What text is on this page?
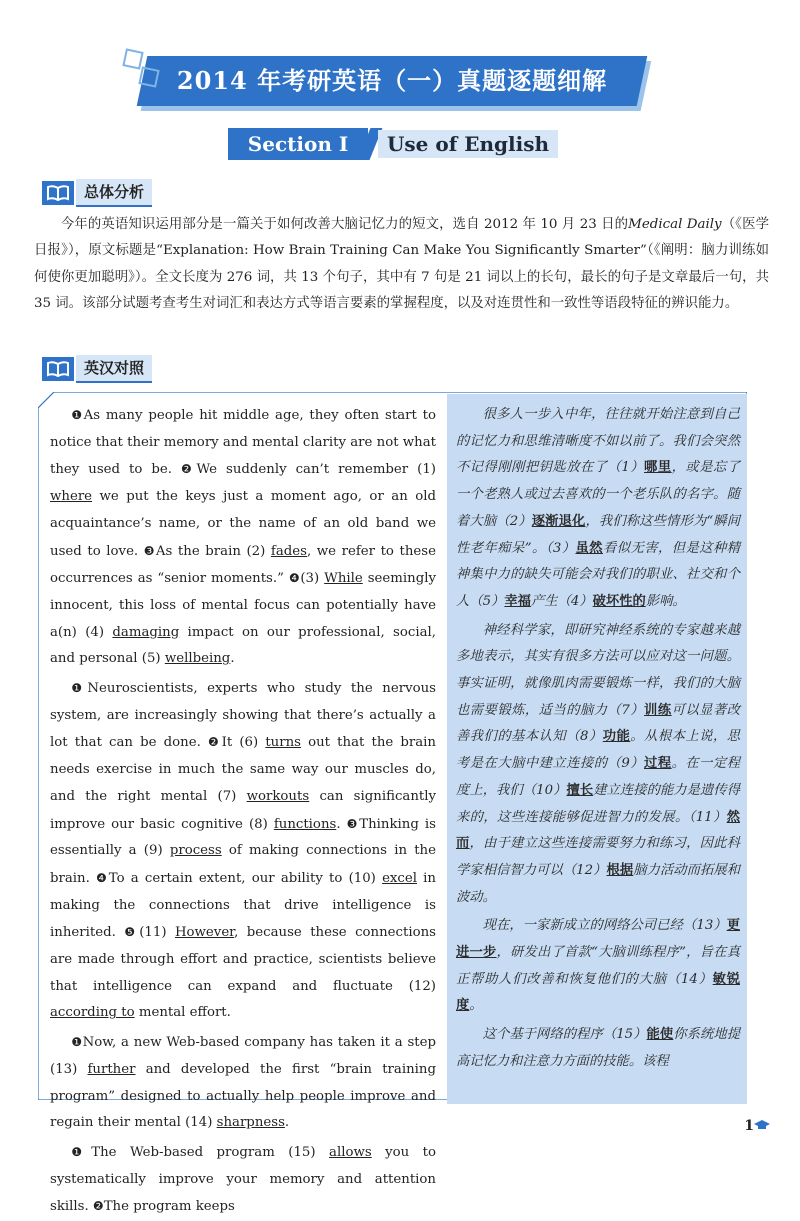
2014 年考研英语（一）真题逐题细解
Section Ⅰ	Use of English
总体分析

今年的英语知识运用部分是一篇关于如何改善大脑记忆力的短文，选自 2012 年 10 月 23 日的Medical Daily（《医学日报》），原文标题是“Explanation: How Brain Training Can Make You Significantly Smarter”（《阐明：脑力训练如何使你更加聪明》）。全文长度为 276 词，共 13 个句子，其中有 7 句是 21 词以上的长句，最长的句子是文章最后一句，共 35 词。该部分试题考查考生对词汇和表达方式等语言要素的掌握程度，以及对连贯性和一致性等语段特征的辨识能力。

英汉对照

❶As many people hit middle age, they often start to notice that their memory and mental clarity are not what they used to be. ❷We suddenly can’t remember (1) where we put the keys just a moment ago, or an old acquaintance’s name, or the name of an old band we used to love. ❸As the brain (2) fades, we refer to these occurrences as “senior moments.” ❹(3) While seemingly innocent, this loss of mental focus can potentially have a(n) (4) damaging impact on our professional, social, and personal (5) wellbeing.

❶Neuroscientists, experts who study the nervous system, are increasingly showing that there’s actually a lot that can be done. ❷It (6) turns out that the brain needs exercise in much the same way our muscles do, and the right mental (7) workouts can significantly improve our basic cognitive (8) functions. ❸Thinking is essentially a (9) process of making connections in the brain. ❹To a certain extent, our ability to (10) excel in making the connections that drive intelligence is inherited. ❺(11) However, because these connections are made through effort and practice, scientists believe that intelligence can expand and fluctuate (12) according to mental effort.

❶Now, a new Web-based company has taken it a step (13) further and developed the first “brain training program” designed to actually help people improve and regain their mental (14) sharpness.

❶The Web-based program (15) allows you to systematically improve your memory and attention skills. ❷The program keeps

很多人一步入中年，往往就开始注意到自己的记忆力和思维清晰度不如以前了。我们会突然不记得刚刚把钥匙放在了（1）哪里，或是忘了一个老熟人或过去喜欢的一个老乐队的名字。随着大脑（2）逐渐退化，我们称这些情形为“瞬间性老年痴呆”。（3）虽然看似无害，但是这种精神集中力的缺失可能会对我们的职业、社交和个人（5）幸福产生（4）破坏性的影响。

神经科学家，即研究神经系统的专家越来越多地表示，其实有很多方法可以应对这一问题。事实证明，就像肌肉需要锻炼一样，我们的大脑也需要锻炼，适当的脑力（7）训练可以显著改善我们的基本认知（8）功能。从根本上说，思考是在大脑中建立连接的（9）过程。在一定程度上，我们（10）擅长建立连接的能力是遗传得来的，这些连接能够促进智力的发展。（11）然而，由于建立这些连接需要努力和练习，因此科学家相信智力可以（12）根据脑力活动而拓展和波动。

现在，一家新成立的网络公司已经（13）更进一步，研发出了首款“大脑训练程序”，旨在真正帮助人们改善和恢复他们的大脑（14）敏锐度。

这个基于网络的程序（15）能使你系统地提高记忆力和注意力方面的技能。该程

1
